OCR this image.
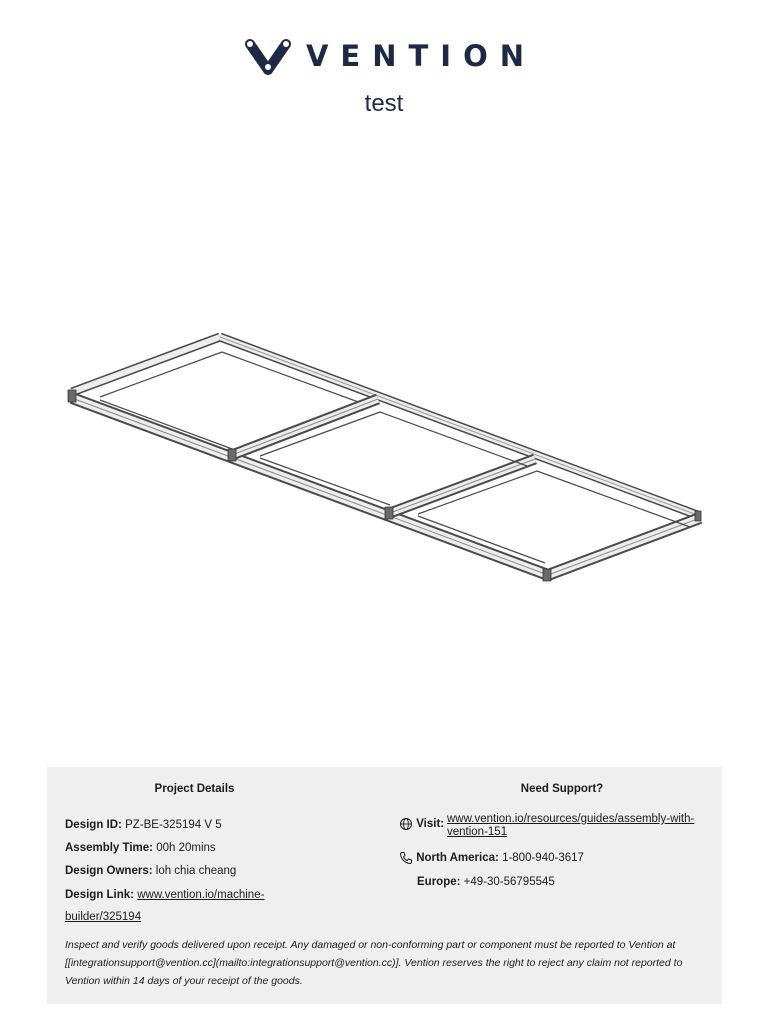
VENTION
test
Project Details	Need Support?
Design ID: PZ-BE-325194 V 5
Assembly Time: 00h 20mins
Design Owners: loh chia cheang
Design Link: www.vention.io/machine-
builder/325194
Visit: www.vention.io/resources/guides/assembly-with-
vention-151
North America: 1-800-940-3617
Europe: +49-30-56795545
Inspect and verify goods delivered upon receipt. Any damaged or non-conforming part or component must be reported to Vention at [[integrationsupport@vention.cc](mailto:integrationsupport@vention.cc)]. Vention reserves the right to reject any claim not reported to Vention within 14 days of your receipt of the goods.
